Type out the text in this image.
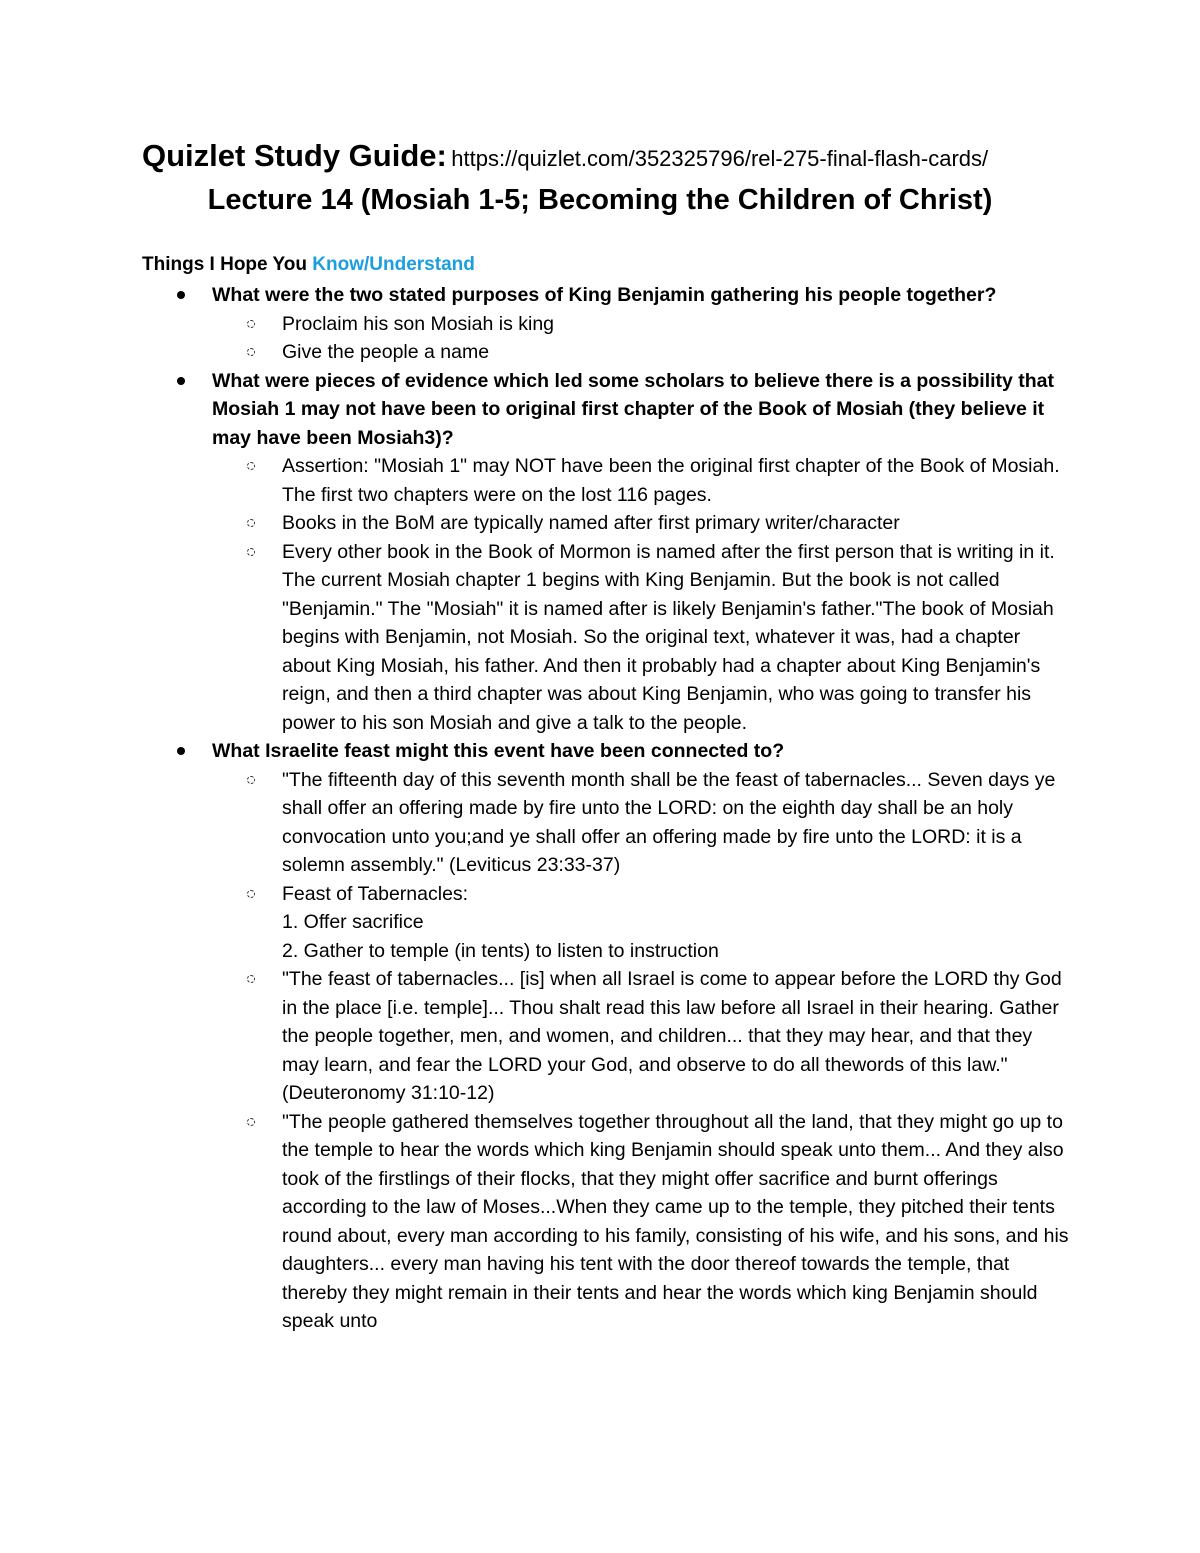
Quizlet Study Guide: https://quizlet.com/352325796/rel-275-final-flash-cards/
Lecture 14 (Mosiah 1-5; Becoming the Children of Christ)
Things I Hope You Know/Understand
What were the two stated purposes of King Benjamin gathering his people together?
Proclaim his son Mosiah is king
Give the people a name
What were pieces of evidence which led some scholars to believe there is a possibility that Mosiah 1 may not have been to original first chapter of the Book of Mosiah (they believe it may have been Mosiah3)?
Assertion: "Mosiah 1" may NOT have been the original first chapter of the Book of Mosiah. The first two chapters were on the lost 116 pages.
Books in the BoM are typically named after first primary writer/character
Every other book in the Book of Mormon is named after the first person that is writing in it. The current Mosiah chapter 1 begins with King Benjamin. But the book is not called "Benjamin." The "Mosiah" it is named after is likely Benjamin's father."The book of Mosiah begins with Benjamin, not Mosiah. So the original text, whatever it was, had a chapter about King Mosiah, his father. And then it probably had a chapter about King Benjamin's reign, and then a third chapter was about King Benjamin, who was going to transfer his power to his son Mosiah and give a talk to the people.
What Israelite feast might this event have been connected to?
"The fifteenth day of this seventh month shall be the feast of tabernacles... Seven days ye shall offer an offering made by fire unto the LORD: on the eighth day shall be an holy convocation unto you;and ye shall offer an offering made by fire unto the LORD: it is a solemn assembly." (Leviticus 23:33-37)
Feast of Tabernacles:
1. Offer sacrifice
2. Gather to temple (in tents) to listen to instruction
"The feast of tabernacles... [is] when all Israel is come to appear before the LORD thy God in the place [i.e. temple]... Thou shalt read this law before all Israel in their hearing. Gather the people together, men, and women, and children... that they may hear, and that they may learn, and fear the LORD your God, and observe to do all thewords of this law." (Deuteronomy 31:10-12)
"The people gathered themselves together throughout all the land, that they might go up to the temple to hear the words which king Benjamin should speak unto them... And they also took of the firstlings of their flocks, that they might offer sacrifice and burnt offerings according to the law of Moses...When they came up to the temple, they pitched their tents round about, every man according to his family, consisting of his wife, and his sons, and his daughters... every man having his tent with the door thereof towards the temple, that thereby they might remain in their tents and hear the words which king Benjamin should speak unto
